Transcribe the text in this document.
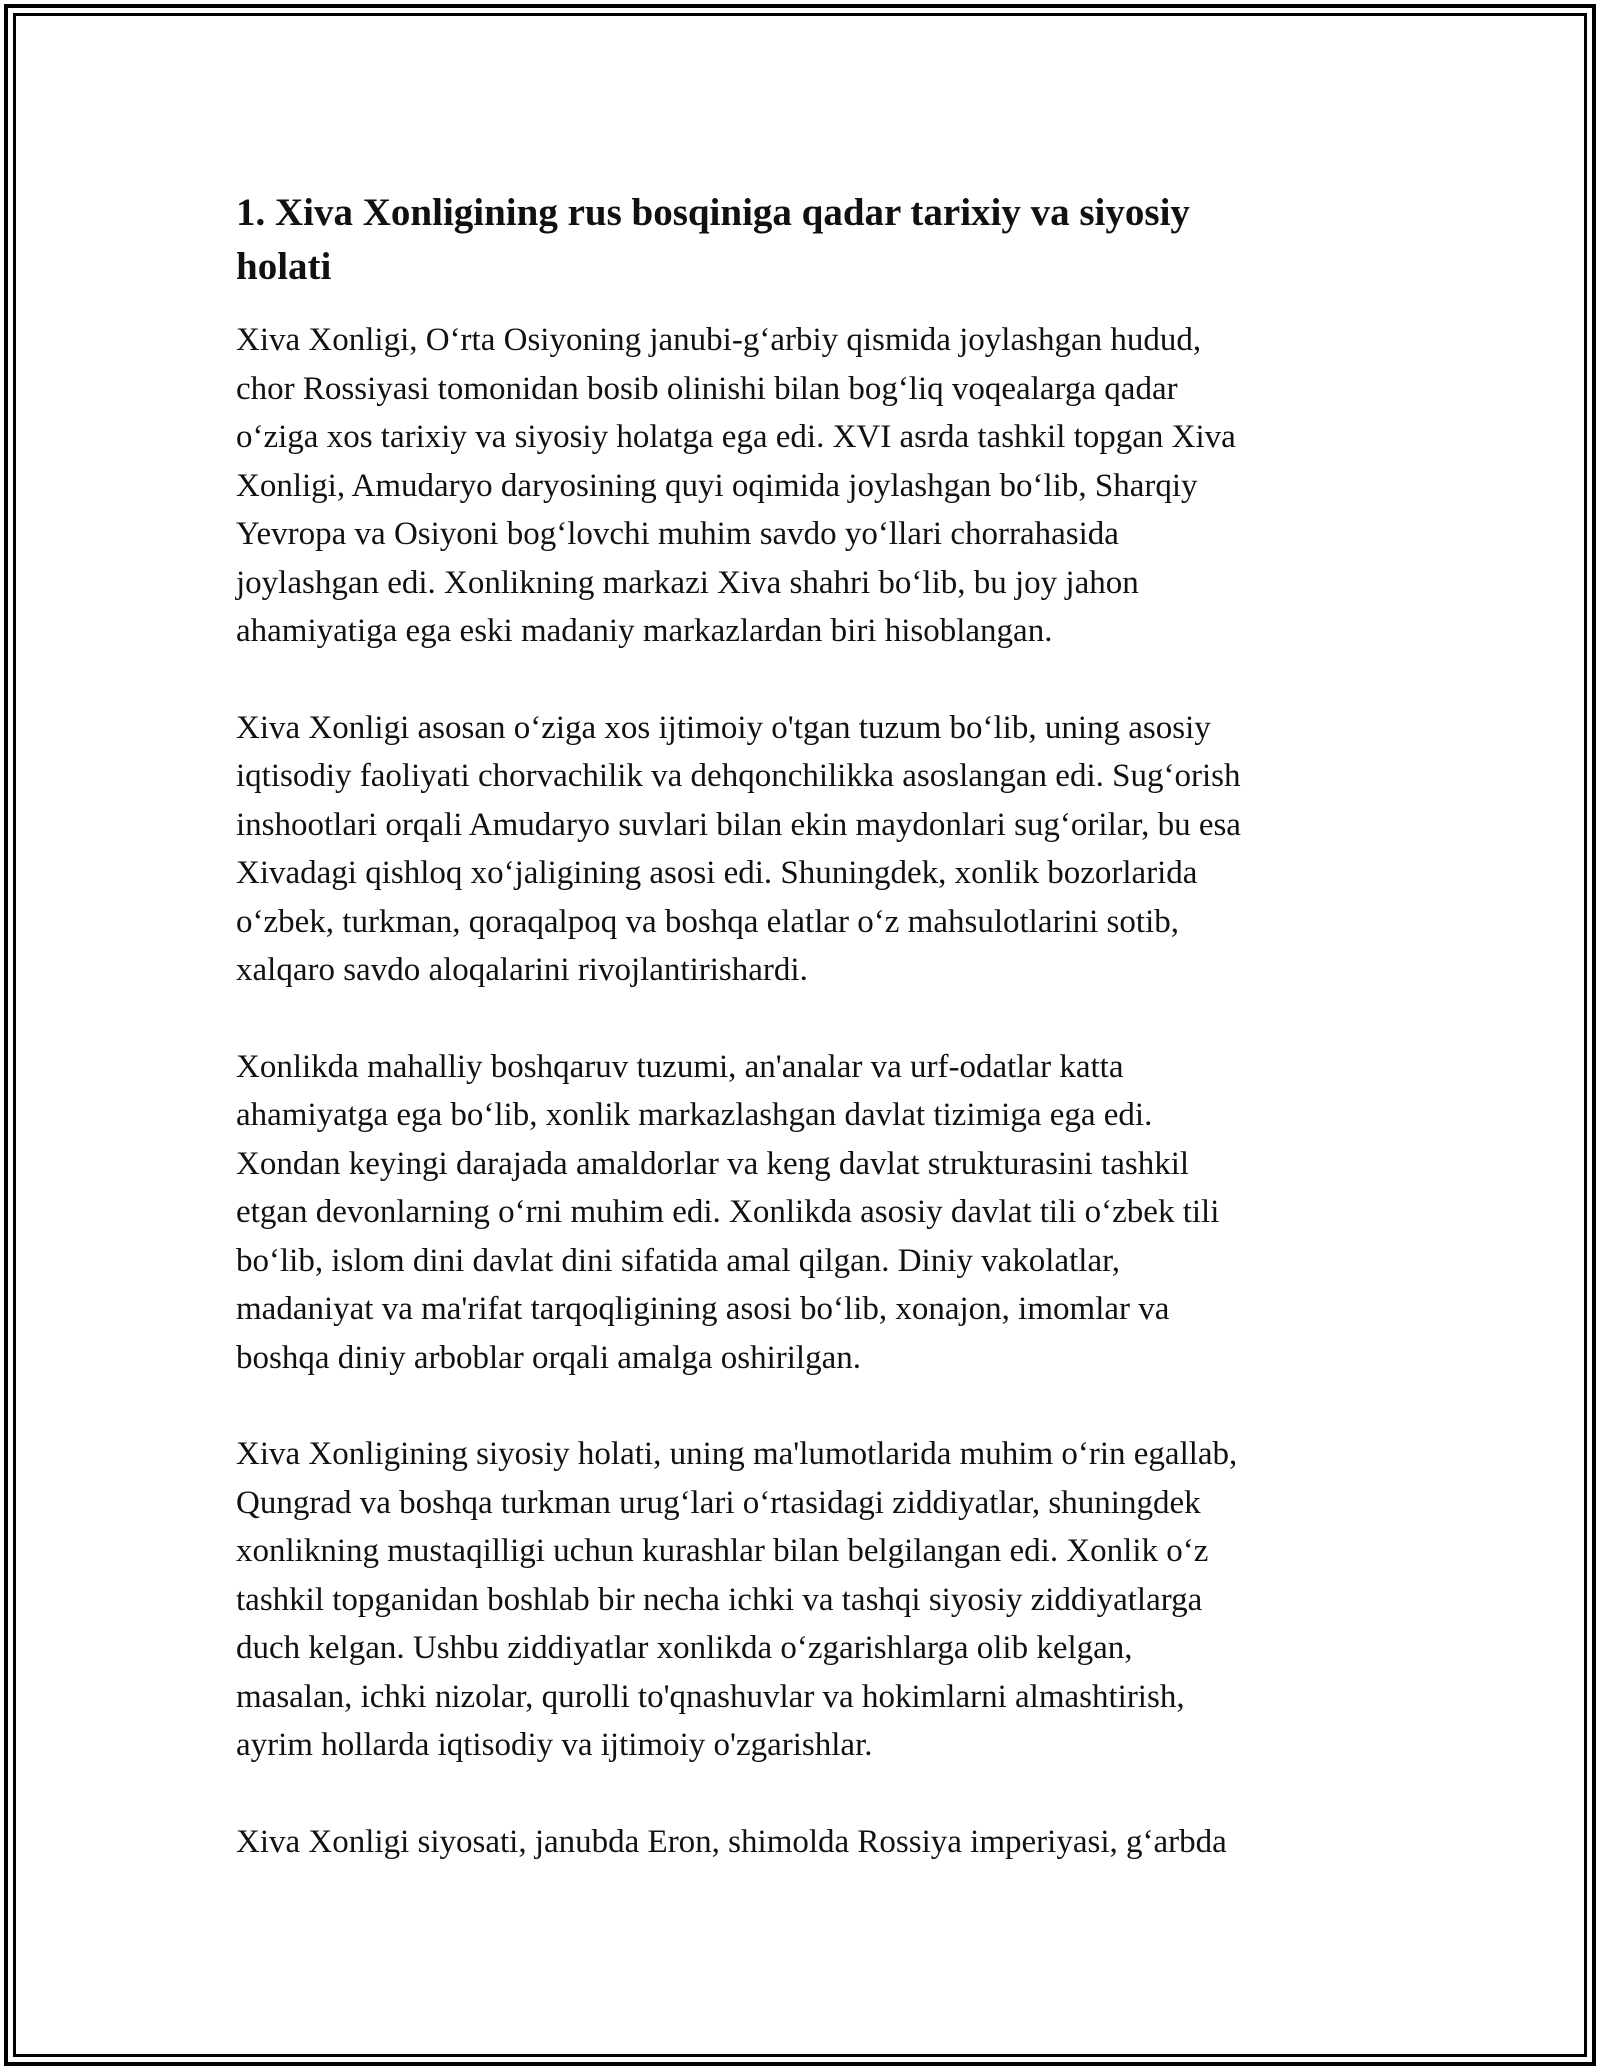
1. Xiva Xonligining rus bosqiniga qadar tarixiy va siyosiy
holati

Xiva Xonligi, O‘rta Osiyoning janubi-g‘arbiy qismida joylashgan hudud,
chor Rossiyasi tomonidan bosib olinishi bilan bog‘liq voqealarga qadar
o‘ziga xos tarixiy va siyosiy holatga ega edi. XVI asrda tashkil topgan Xiva
Xonligi, Amudaryo daryosining quyi oqimida joylashgan bo‘lib, Sharqiy
Yevropa va Osiyoni bog‘lovchi muhim savdo yo‘llari chorrahasida
joylashgan edi. Xonlikning markazi Xiva shahri bo‘lib, bu joy jahon
ahamiyatiga ega eski madaniy markazlardan biri hisoblangan.

Xiva Xonligi asosan o‘ziga xos ijtimoiy o'tgan tuzum bo‘lib, uning asosiy
iqtisodiy faoliyati chorvachilik va dehqonchilikka asoslangan edi. Sug‘orish
inshootlari orqali Amudaryo suvlari bilan ekin maydonlari sug‘orilar, bu esa
Xivadagi qishloq xo‘jaligining asosi edi. Shuningdek, xonlik bozorlarida
o‘zbek, turkman, qoraqalpoq va boshqa elatlar o‘z mahsulotlarini sotib,
xalqaro savdo aloqalarini rivojlantirishardi.

Xonlikda mahalliy boshqaruv tuzumi, an'analar va urf-odatlar katta
ahamiyatga ega bo‘lib, xonlik markazlashgan davlat tizimiga ega edi.
Xondan keyingi darajada amaldorlar va keng davlat strukturasini tashkil
etgan devonlarning o‘rni muhim edi. Xonlikda asosiy davlat tili o‘zbek tili
bo‘lib, islom dini davlat dini sifatida amal qilgan. Diniy vakolatlar,
madaniyat va ma'rifat tarqoqligining asosi bo‘lib, xonajon, imomlar va
boshqa diniy arboblar orqali amalga oshirilgan.

Xiva Xonligining siyosiy holati, uning ma'lumotlarida muhim o‘rin egallab,
Qungrad va boshqa turkman urug‘lari o‘rtasidagi ziddiyatlar, shuningdek
xonlikning mustaqilligi uchun kurashlar bilan belgilangan edi. Xonlik o‘z
tashkil topganidan boshlab bir necha ichki va tashqi siyosiy ziddiyatlarga
duch kelgan. Ushbu ziddiyatlar xonlikda o‘zgarishlarga olib kelgan,
masalan, ichki nizolar, qurolli to'qnashuvlar va hokimlarni almashtirish,
ayrim hollarda iqtisodiy va ijtimoiy o'zgarishlar.

Xiva Xonligi siyosati, janubda Eron, shimolda Rossiya imperiyasi, g‘arbda
